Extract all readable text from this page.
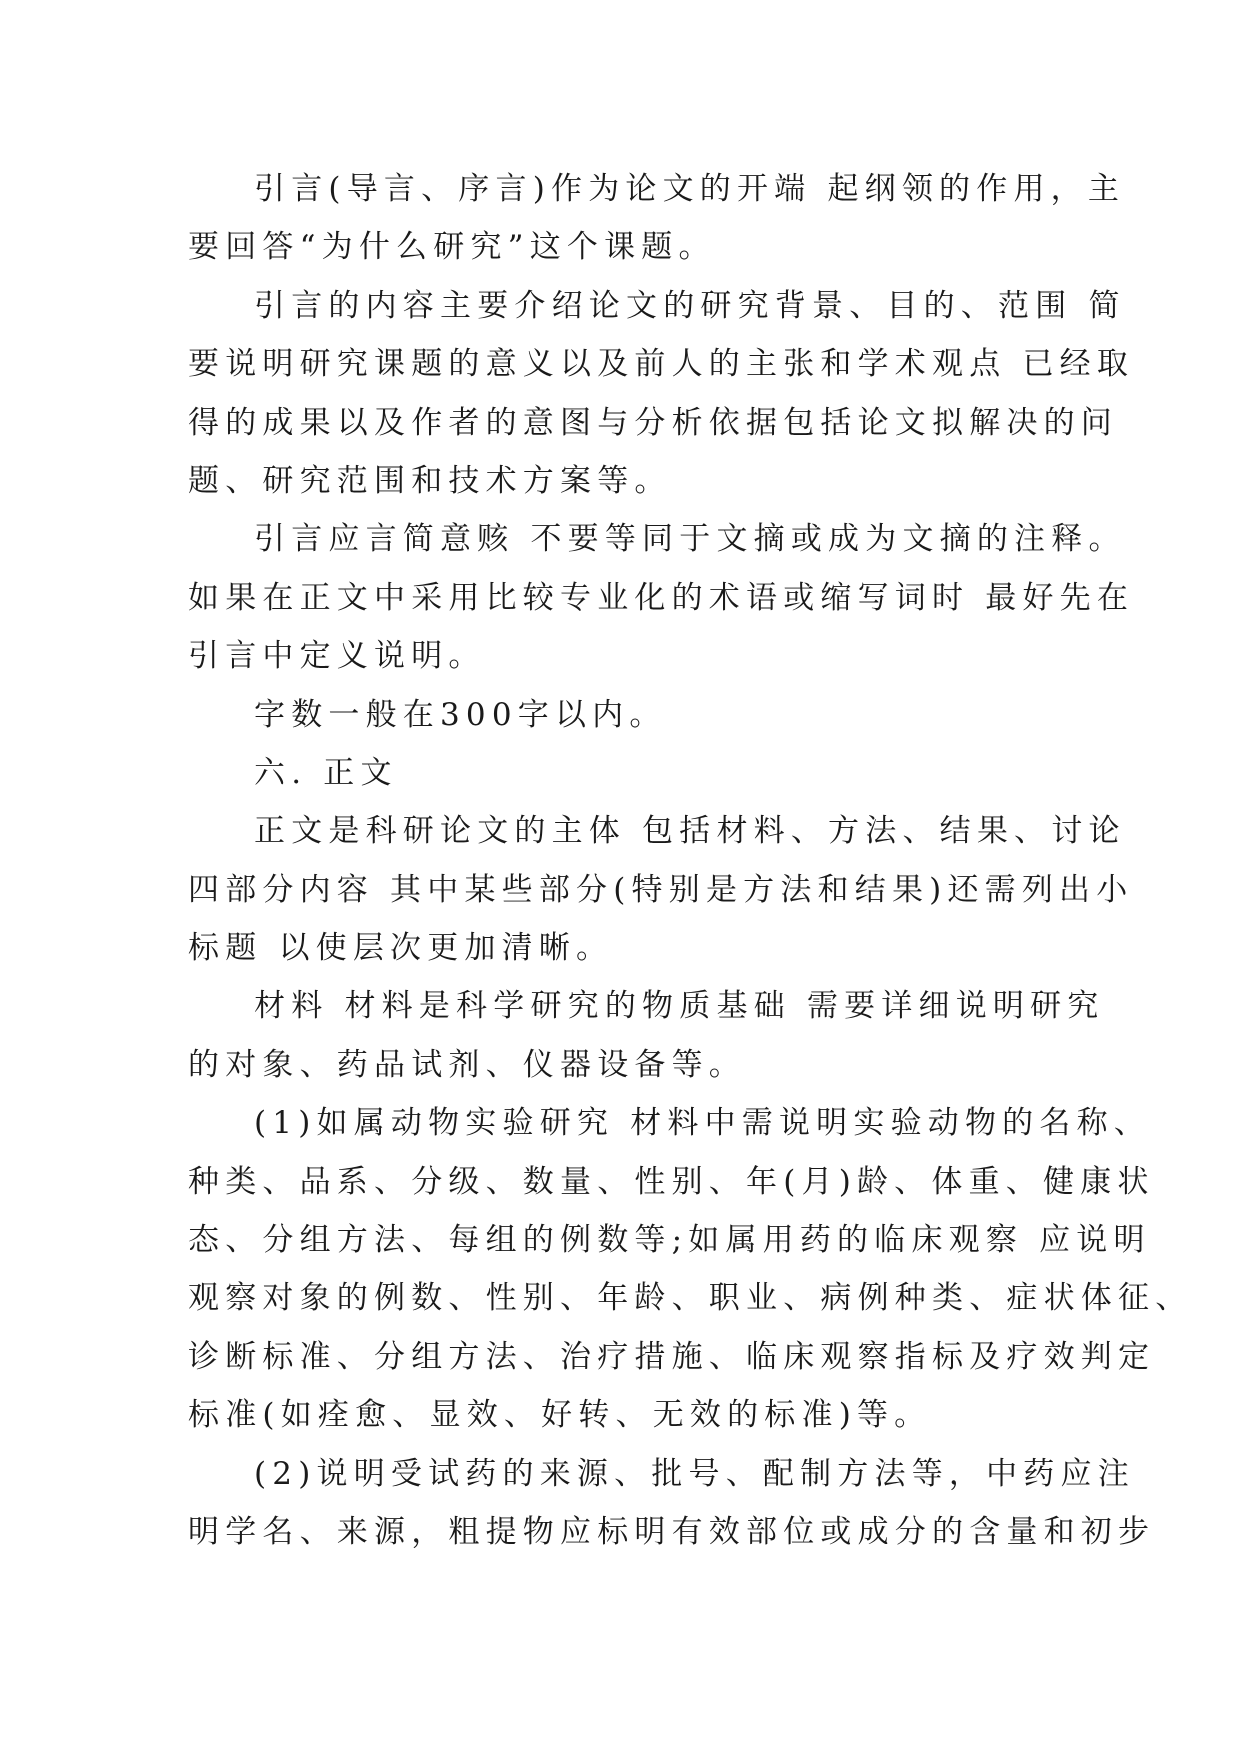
引言(导言、序言)作为论文的开端 起纲领的作用，主
要回答“为什么研究”这个课题。
引言的内容主要介绍论文的研究背景、目的、范围 简
要说明研究课题的意义以及前人的主张和学术观点 已经取
得的成果以及作者的意图与分析依据包括论文拟解决的问
题、研究范围和技术方案等。
引言应言简意赅 不要等同于文摘或成为文摘的注释。
如果在正文中采用比较专业化的术语或缩写词时 最好先在
引言中定义说明。
字数一般在300字以内。
六. 正文
正文是科研论文的主体 包括材料、方法、结果、讨论
四部分内容 其中某些部分(特别是方法和结果)还需列出小
标题 以使层次更加清晰。
材料 材料是科学研究的物质基础 需要详细说明研究
的对象、药品试剂、仪器设备等。
(1)如属动物实验研究 材料中需说明实验动物的名称、
种类、品系、分级、数量、性别、年(月)龄、体重、健康状
态、分组方法、每组的例数等;如属用药的临床观察 应说明
观察对象的例数、性别、年龄、职业、病例种类、症状体征、
诊断标准、分组方法、治疗措施、临床观察指标及疗效判定
标准(如痊愈、显效、好转、无效的标准)等。
(2)说明受试药的来源、批号、配制方法等，中药应注
明学名、来源，粗提物应标明有效部位或成分的含量和初步
